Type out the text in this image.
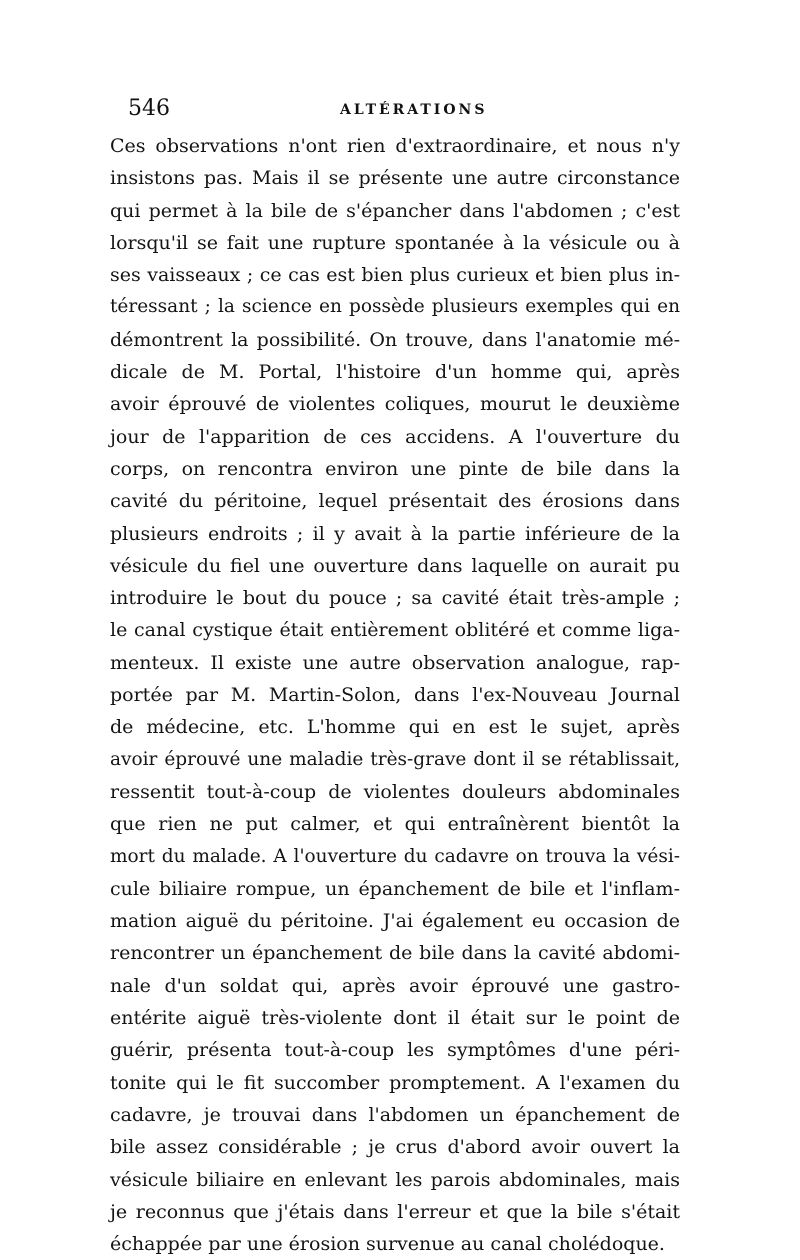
546	ALTÉRATIONS
Ces observations n'ont rien d'extraordinaire, et nous n'y
insistons pas. Mais il se présente une autre circonstance
qui permet à la bile de s'épancher dans l'abdomen ; c'est
lorsqu'il se fait une rupture spontanée à la vésicule ou à
ses vaisseaux ; ce cas est bien plus curieux et bien plus in-
téressant ; la science en possède plusieurs exemples qui en
démontrent la possibilité. On trouve, dans l'anatomie mé-
dicale de M. Portal, l'histoire d'un homme qui, après
avoir éprouvé de violentes coliques, mourut le deuxième
jour de l'apparition de ces accidens. A l'ouverture du
corps, on rencontra environ une pinte de bile dans la
cavité du péritoine, lequel présentait des érosions dans
plusieurs endroits ; il y avait à la partie inférieure de la
vésicule du fiel une ouverture dans laquelle on aurait pu
introduire le bout du pouce ; sa cavité était très-ample ;
le canal cystique était entièrement oblitéré et comme liga-
menteux. Il existe une autre observation analogue, rap-
portée par M. Martin-Solon, dans l'ex-Nouveau Journal
de médecine, etc. L'homme qui en est le sujet, après
avoir éprouvé une maladie très-grave dont il se rétablissait,
ressentit tout-à-coup de violentes douleurs abdominales
que rien ne put calmer, et qui entraînèrent bientôt la
mort du malade. A l'ouverture du cadavre on trouva la vési-
cule biliaire rompue, un épanchement de bile et l'inflam-
mation aiguë du péritoine. J'ai également eu occasion de
rencontrer un épanchement de bile dans la cavité abdomi-
nale d'un soldat qui, après avoir éprouvé une gastro-
entérite aiguë très-violente dont il était sur le point de
guérir, présenta tout-à-coup les symptômes d'une péri-
tonite qui le fit succomber promptement. A l'examen du
cadavre, je trouvai dans l'abdomen un épanchement de
bile assez considérable ; je crus d'abord avoir ouvert la
vésicule biliaire en enlevant les parois abdominales, mais
je reconnus que j'étais dans l'erreur et que la bile s'était
échappée par une érosion survenue au canal cholédoque.
